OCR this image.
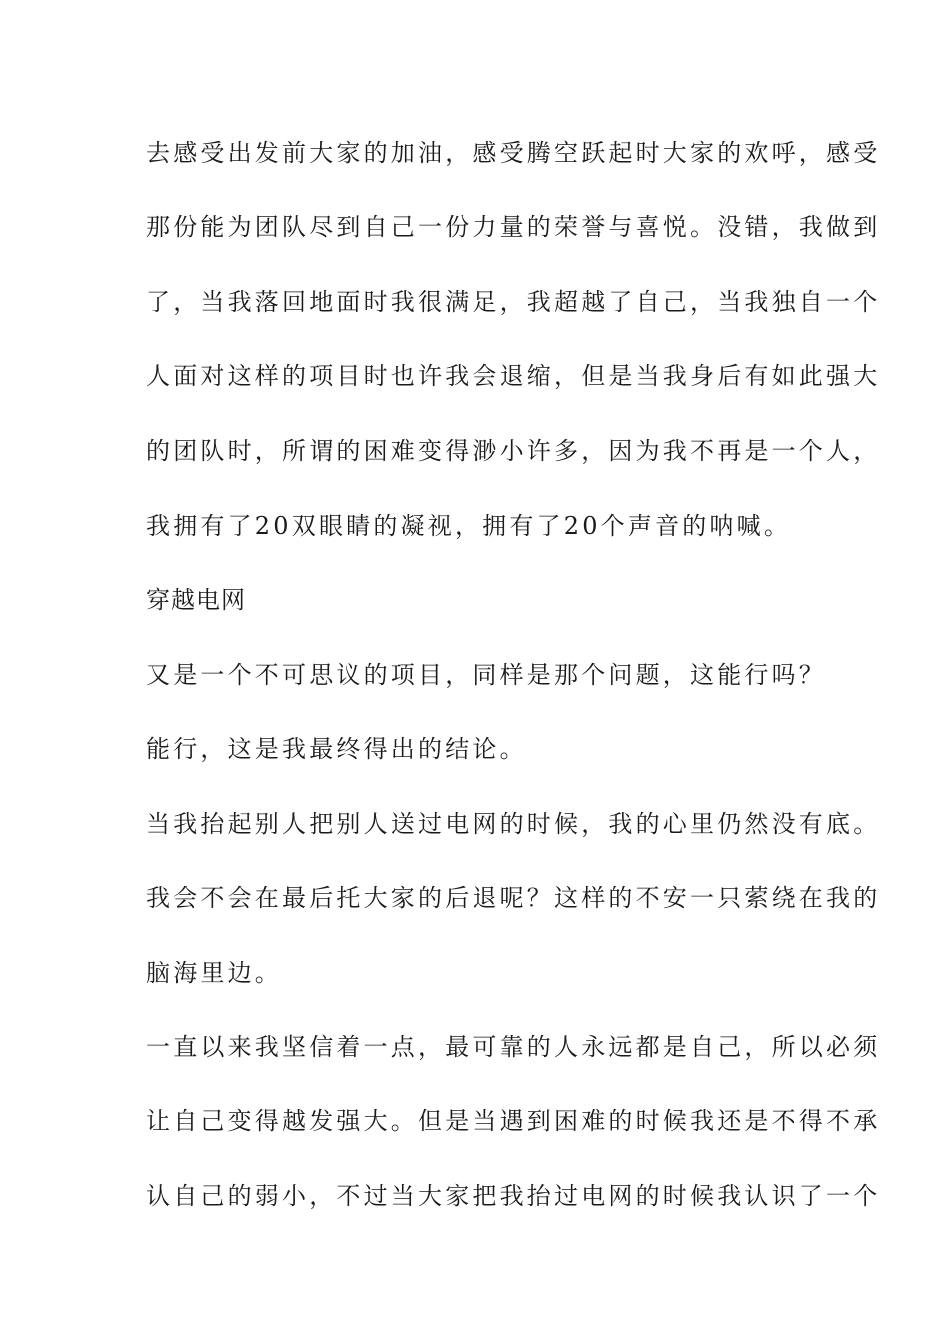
去感受出发前大家的加油，感受腾空跃起时大家的欢呼，感受
那份能为团队尽到自己一份力量的荣誉与喜悦。没错，我做到
了，当我落回地面时我很满足，我超越了自己，当我独自一个
人面对这样的项目时也许我会退缩，但是当我身后有如此强大
的团队时，所谓的困难变得渺小许多，因为我不再是一个人，
我拥有了20双眼睛的凝视，拥有了20个声音的呐喊。
穿越电网
又是一个不可思议的项目，同样是那个问题，这能行吗？
能行，这是我最终得出的结论。
当我抬起别人把别人送过电网的时候，我的心里仍然没有底。
我会不会在最后托大家的后退呢？这样的不安一只萦绕在我的
脑海里边。
一直以来我坚信着一点，最可靠的人永远都是自己，所以必须
让自己变得越发强大。但是当遇到困难的时候我还是不得不承
认自己的弱小，不过当大家把我抬过电网的时候我认识了一个
